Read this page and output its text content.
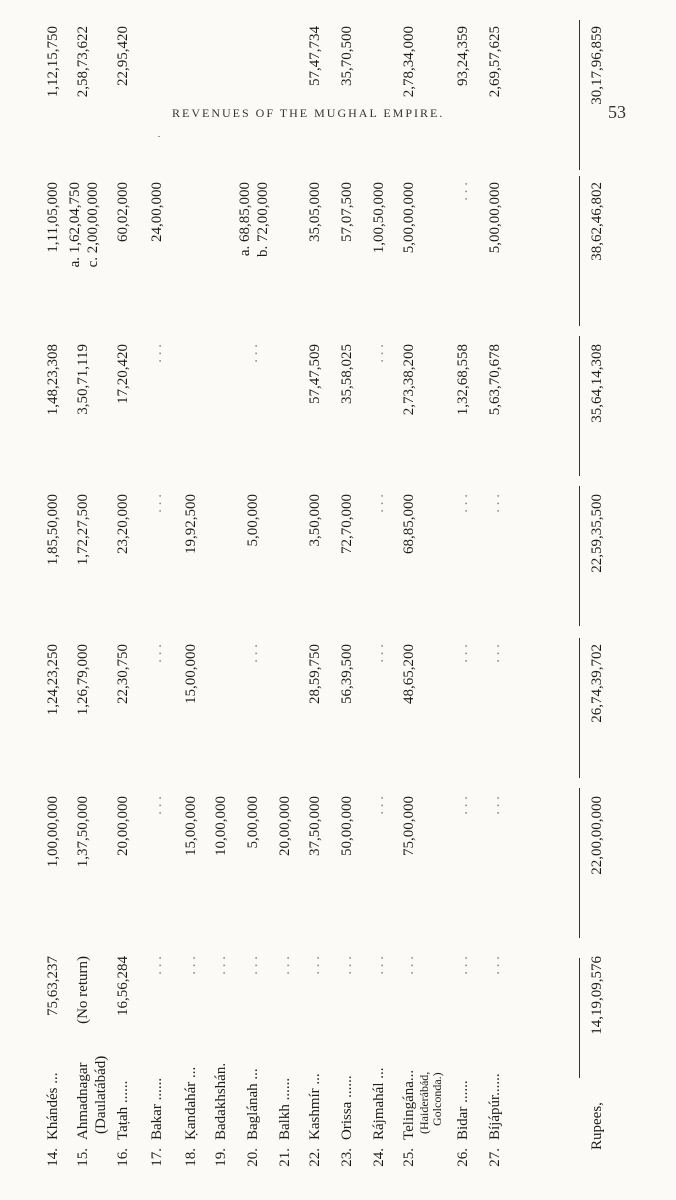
REVENUES OF THE MUGHAL EMPIRE.	53
14.
Khándés ...
75,63,237
1,00,00,000
1,24,23,250
1,85,50,000
1,48,23,308
1,11,05,000
1,12,15,750
15.
Ahmadnagar (Daulatábád)
(No return)
1,37,50,000
1,26,79,000
1,72,27,500
3,50,71,119
a. 1,62,04,750 c. 2,00,00,000
2,58,73,622
16.
Taṭah ......
16,56,284
20,00,000
22,30,750
23,20,000
17,20,420
60,02,000
22,95,420
17.
Bakar ......
. . .
. . .
. . .
. . .
. . .
24,00,000
18.
Ḳandahár ...
. . .
15,00,000
15,00,000
19,92,500
19.
Badakhshán.
. . .
10,00,000
20.
Baglánah ...
. . .
5,00,000
. . .
5,00,000
. . .
a. 68,85,000 b. 72,00,000
21.
Balkh ......
. . .
20,00,000
22.
Kashmír ...
. . .
37,50,000
28,59,750
3,50,000
57,47,509
35,05,000
57,47,734
23.
Orissa ......
. . .
50,00,000
56,39,500
72,70,000
35,58,025
57,07,500
35,70,500
24.
Rájmahál ...
. . .
. . .
. . .
. . .
. . .
1,00,50,000
25.
Telingána... (Haiderábád, Golconda.)
. . .
75,00,000
48,65,200
68,85,000
2,73,38,200
5,00,00,000
2,78,34,000
26.
Bidar ......
. . .
. . .
. . .
. . .
1,32,68,558
. . .
93,24,359
27.
Bíjápúr......
. . .
. . .
. . .
. . .
5,63,70,678
5,00,00,000
2,69,57,625
Rupees,
14,19,09,576
22,00,00,000
26,74,39,702
22,59,35,500
35,64,14,308
38,62,46,802
30,17,96,859
